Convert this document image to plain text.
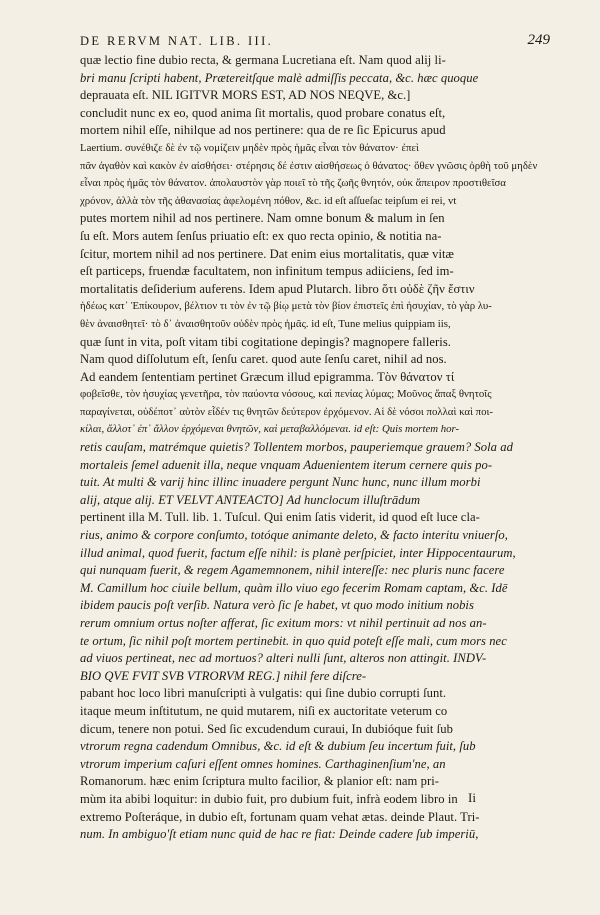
DE RERVM NAT. LIB. III.	249
quæ lectio fine dubio recta, & germana Lucretiana eſt. Nam quod alij li-
bri manu ſcripti habent, Prætereitſque malè admiſſis peccata, &c. hæc quoque
deprauata eſt. NIL IGITVR MORS EST, AD NOS NEQVE, &c.]
concludit nunc ex eo, quod anima ſit mortalis, quod probare conatus eſt,
mortem nihil eſſe, nihilque ad nos pertinere: qua de re ſic Epicurus apud
Laertium. συνέθιζε δὲ ἐν τῷ νομίζειν μηδὲν πρὸς ἡμᾶς εἶναι τὸν θάνατον· ἐπεὶ
πᾶν ἀγαθὸν καὶ κακὸν ἐν αἰσθήσει· στέρησις δέ ἐστιν αἰσθήσεως ὁ θάνατος· ὅθεν γνῶσις ὀρθὴ τοῦ μηδὲν
εἶναι πρὸς ἡμᾶς τὸν θάνατον. ἀπολαυστὸν γὰρ ποιεῖ τὸ τῆς ζωῆς θνητόν, οὐκ ἄπειρον προστιθεῖσα
χρόνον, ἀλλὰ τὸν τῆς ἀθανασίας ἀφελομένη πόθον, &c. id eſt aſſueſac teipſum ei rei, vt
putes mortem nihil ad nos pertinere. Nam omne bonum & malum in ſen
ſu eſt. Mors autem ſenſus priuatio eſt: ex quo recta opinio, & notitia na-
ſcitur, mortem nihil ad nos pertinere. Dat enim eius mortalitatis, quæ vitæ
eſt particeps, fruendæ facultatem, non infinitum tempus adiiciens, ſed im-
mortalitatis deſiderium auferens. Idem apud Plutarch. libro ὅτι οὐδὲ ζῆν ἔστιν
ἡδέως κατ᾽ Ἐπίκουρον, βέλτιον τι τὸν ἐν τῷ βίῳ μετὰ τὸν βίον ἐπιστεῖς ἐπὶ ἡσυχίαν, τὸ γὰρ λυ-
θὲν ἀναισθητεῖ· τὸ δ᾽ ἀναισθητοῦν οὐδὲν πρὸς ἡμᾶς. id eſt, Tune melius quippiam iis,
quæ ſunt in vita, poſt vitam tibi cogitatione depingis? magnopere falleris.
Nam quod diſſolutum eſt, ſenſu caret. quod aute ſenſu caret, nihil ad nos.
Ad eandem ſententiam pertinet Græcum illud epigramma. Τὸν θάνατον τί
φοβεῖσθε, τὸν ἡσυχίας γενετῆρα, τὸν παύοντα νόσους, καὶ πενίας λύμας; Μοῦνος ἅπαξ θνητοῖς
παραγίνεται, οὐδέποτ᾽ αὐτὸν εἶδέν τις θνητῶν δεύτερον ἐρχόμενον. Αἱ δὲ νόσοι πολλαὶ καὶ ποι-
κίλαι, ἄλλοτ᾽ ἐπ᾽ ἄλλον ἐρχόμεναι θνητῶν, καὶ μεταβαλλόμεναι. id eſt: Quis mortem hor-
retis cauſam, matrémque quietis? Tollentem morbos, pauperiemque grauem? Sola ad
mortaleis ſemel aduenit illa, neque vnquam Aduenientem iterum cernere quis po-
tuit. At multi & varij hinc illinc inuadere pergunt Nunc hunc, nunc illum morbi
alij, atque alij. ET VELVT ANTEACTO] Ad hunclocum illuſtrādum
pertinent illa M. Tull. lib. 1. Tuſcul. Qui enim ſatis viderit, id quod eſt luce cla-
rius, animo & corpore conſumto, totóque animante deleto, & facto interitu vniuerſo,
illud animal, quod fuerit, factum eſſe nihil: is planè perſpiciet, inter Hippocentaurum,
qui nunquam fuerit, & regem Agamemnonem, nihil intereſſe: nec pluris nunc facere
M. Camillum hoc ciuile bellum, quàm illo viuo ego fecerim Romam captam, &c. Idē
ibidem paucis poſt verſib. Natura verò ſic ſe habet, vt quo modo initium nobis
rerum omnium ortus noſter afferat, ſic exitum mors: vt nihil pertinuit ad nos an-
te ortum, ſic nihil poſt mortem pertinebit. in quo quid poteſt eſſe mali, cum mors nec
ad viuos pertineat, nec ad mortuos? alteri nulli ſunt, alteros non attingit. INDV-
BIO QVE FVIT SVB VTRORVM REG.] nihil fere diſcre-
pabant hoc loco libri manuſcripti à vulgatis: qui ſine dubio corrupti ſunt.
itaque meum inſtitutum, ne quid mutarem, niſi ex auctoritate veterum co
dicum, tenere non potui. Sed ſic excudendum curaui, In dubióque fuit ſub
vtrorum regna cadendum Omnibus, &c. id eſt & dubium ſeu incertum fuit, ſub
vtrorum imperium caſuri eſſent omnes homines. Carthaginenſium'ne, an
Romanorum. hæc enim ſcriptura multo facilior, & planior eſt: nam pri-
mùm ita abibi loquitur: in dubio fuit, pro dubium fuit, infrà eodem libro in
extremo Poſteráque, in dubio eſt, fortunam quam vehat ætas. deinde Plaut. Tri-
num. In ambiguo'ſt etiam nunc quid de hac re fiat: Deinde cadere ſub imperiū,
Ii
